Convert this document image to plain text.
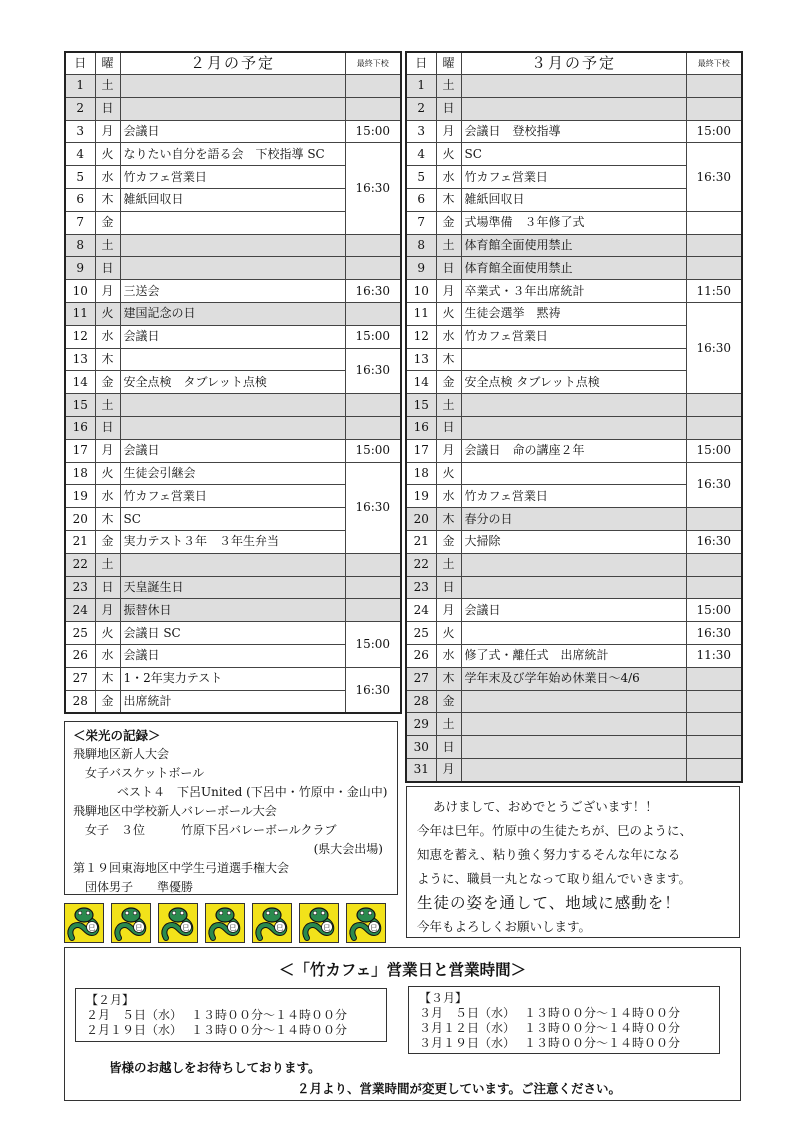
日	曜	２月の予定	最終下校
1	土		
2	日		
3	月	会議日	15:00
4	火	なりたい自分を語る会　下校指導 SC	16:30
5	水	竹カフェ営業日	
6	木	雑紙回収日	
7	金		
8	土		
9	日		
10	月	三送会	16:30
11	火	建国記念の日	
12	水	会議日	15:00
13	木		16:30
14	金	安全点検　タブレット点検	
15	土		
16	日		
17	月	会議日	15:00
18	火	生徒会引継会	16:30
19	水	竹カフェ営業日	
20	木	SC	
21	金	実力テスト３年　３年生弁当	
22	土		
23	日	天皇誕生日	
24	月	振替休日	
25	火	会議日 SC	15:00
26	水	会議日	
27	木	1・2年実力テスト	16:30
28	金	出席統計	
日	曜	３月の予定	最終下校
1	土		
2	日		
3	月	会議日　登校指導	15:00
4	火	SC	16:30
5	水	竹カフェ営業日	
6	木	雑紙回収日	
7	金	式場準備　３年修了式	
8	土	体育館全面使用禁止	
9	日	体育館全面使用禁止	
10	月	卒業式・３年出席統計	11:50
11	火	生徒会選挙　黙祷	16:30
12	水	竹カフェ営業日	
13	木		
14	金	安全点検 タブレット点検	
15	土		
16	日		
17	月	会議日　命の講座２年	15:00
18	火		16:30
19	水	竹カフェ営業日	
20	木	春分の日	
21	金	大掃除	16:30
22	土		
23	日		
24	月	会議日	15:00
25	火		16:30
26	水	修了式・離任式　出席統計	11:30
27	木	学年末及び学年始め休業日～4/6	
28	金		
29	土		
30	日		
31	月		
＜栄光の記録＞
飛騨地区新人大会
女子バスケットボール
ベスト４　下呂United (下呂中・竹原中・金山中)
飛騨地区中学校新人バレーボール大会
女子　３位　　　竹原下呂バレーボールクラブ
(県大会出場)
第１９回東海地区中学生弓道選手権大会
団体男子　　準優勝
巳	巳	巳	巳	巳	巳	巳
あけまして、おめでとうございます！！
今年は巳年。竹原中の生徒たちが、巳のように、
知恵を蓄え、粘り強く努力するそんな年になる
ように、職員一丸となって取り組んでいきます。
生徒の姿を通して、地域に感動を！
今年もよろしくお願いします。
＜「竹カフェ」営業日と営業時間＞
【２月】
２月　５日（水） １３時００分～１４時００分
２月１９日（水） １３時００分～１４時００分
【３月】
３月　５日（水） １３時００分～１４時００分
３月１２日（水） １３時００分～１４時００分
３月１９日（水） １３時００分～１４時００分
皆様のお越しをお待ちしております。
２月より、営業時間が変更しています。ご注意ください。
